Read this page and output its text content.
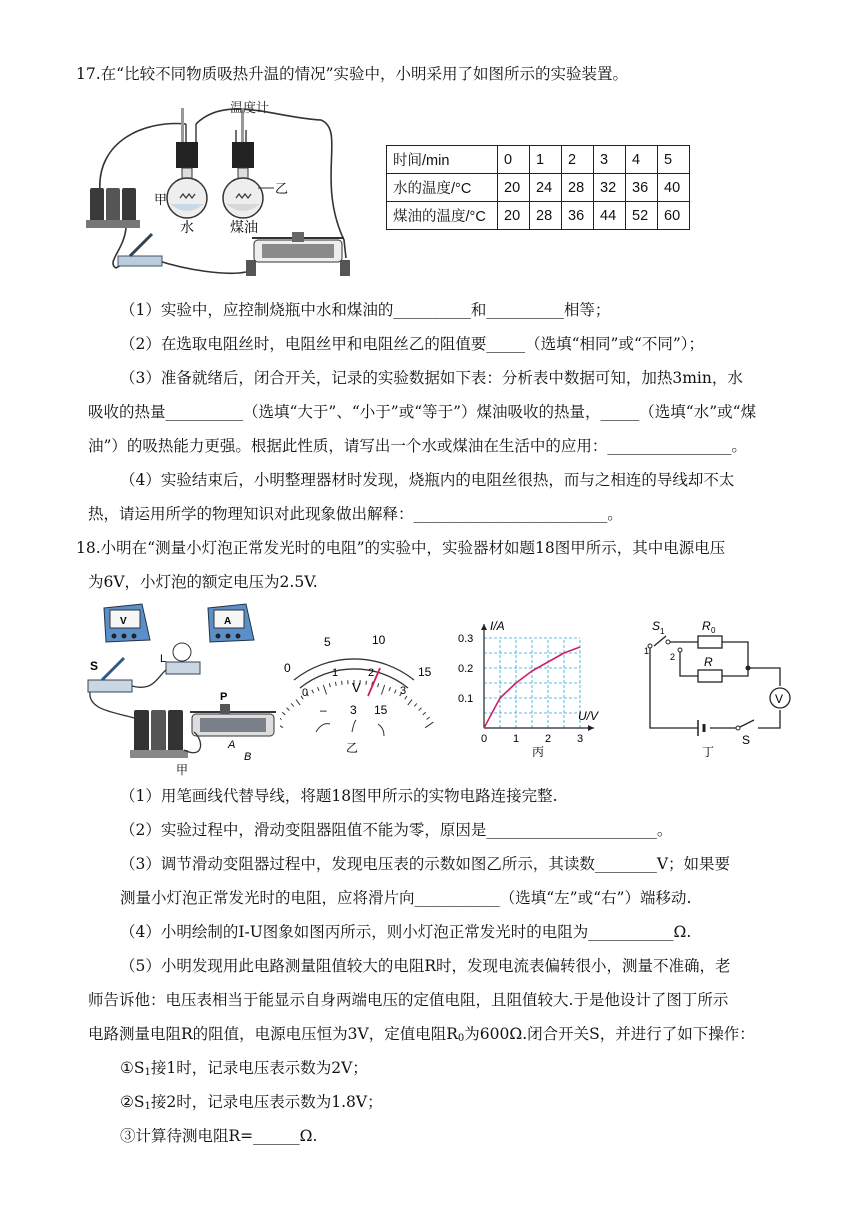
17.在“比较不同物质吸热升温的情况”实验中，小明采用了如图所示的实验装置。
温度计
甲
水
乙
煤油
时间/min	0	1	2	3	4	5
水的温度/°C	20	24	28	32	36	40
煤油的温度/°C	20	28	36	44	52	60
（1）实验中，应控制烧瓶中水和煤油的__________和__________相等；
（2）在选取电阻丝时，电阻丝甲和电阻丝乙的阻值要_____（选填“相同”或“不同”）；
（3）准备就绪后，闭合开关，记录的实验数据如下表：分析表中数据可知，加热3min，水
吸收的热量__________（选填“大于”、“小于”或“等于”）煤油吸收的热量，_____（选填“水”或“煤
油”）的吸热能力更强。根据此性质，请写出一个水或煤油在生活中的应用：________________。
（4）实验结束后，小明整理器材时发现，烧瓶内的电阻丝很热，而与之相连的导线却不太
热，请运用所学的物理知识对此现象做出解释：_________________________。
18.小明在“测量小灯泡正常发光时的电阻”的实验中，实验器材如题18图甲所示，其中电源电压
为6V，小灯泡的额定电压为2.5V.
V	A
L
S
P
A
B
甲
5	10
15
0
0
1	2
3
V
– 3 15
乙
0 1 2 3
0.1
0.2
0.3
I/A
U/V
丙
V
S 1
1
2
R 0
R
S
丁
（1）用笔画线代替导线，将题18图甲所示的实物电路连接完整.
（2）实验过程中，滑动变阻器阻值不能为零，原因是______________________。
（3）调节滑动变阻器过程中，发现电压表的示数如图乙所示，其读数________V；如果要
测量小灯泡正常发光时的电阻，应将滑片向___________（选填“左”或“右”）端移动.
（4）小明绘制的I-U图象如图丙所示，则小灯泡正常发光时的电阻为___________Ω.
（5）小明发现用此电路测量阻值较大的电阻R时，发现电流表偏转很小，测量不准确，老
师告诉他：电压表相当于能显示自身两端电压的定值电阻，且阻值较大.于是他设计了图丁所示
电路测量电阻R的阻值，电源电压恒为3V，定值电阻$R_0$为600Ω.闭合开关S，并进行了如下操作：
$①S_1$接1时，记录电压表示数为2V；
$②S_1$接2时，记录电压表示数为1.8V；
③计算待测电阻R=______Ω.
